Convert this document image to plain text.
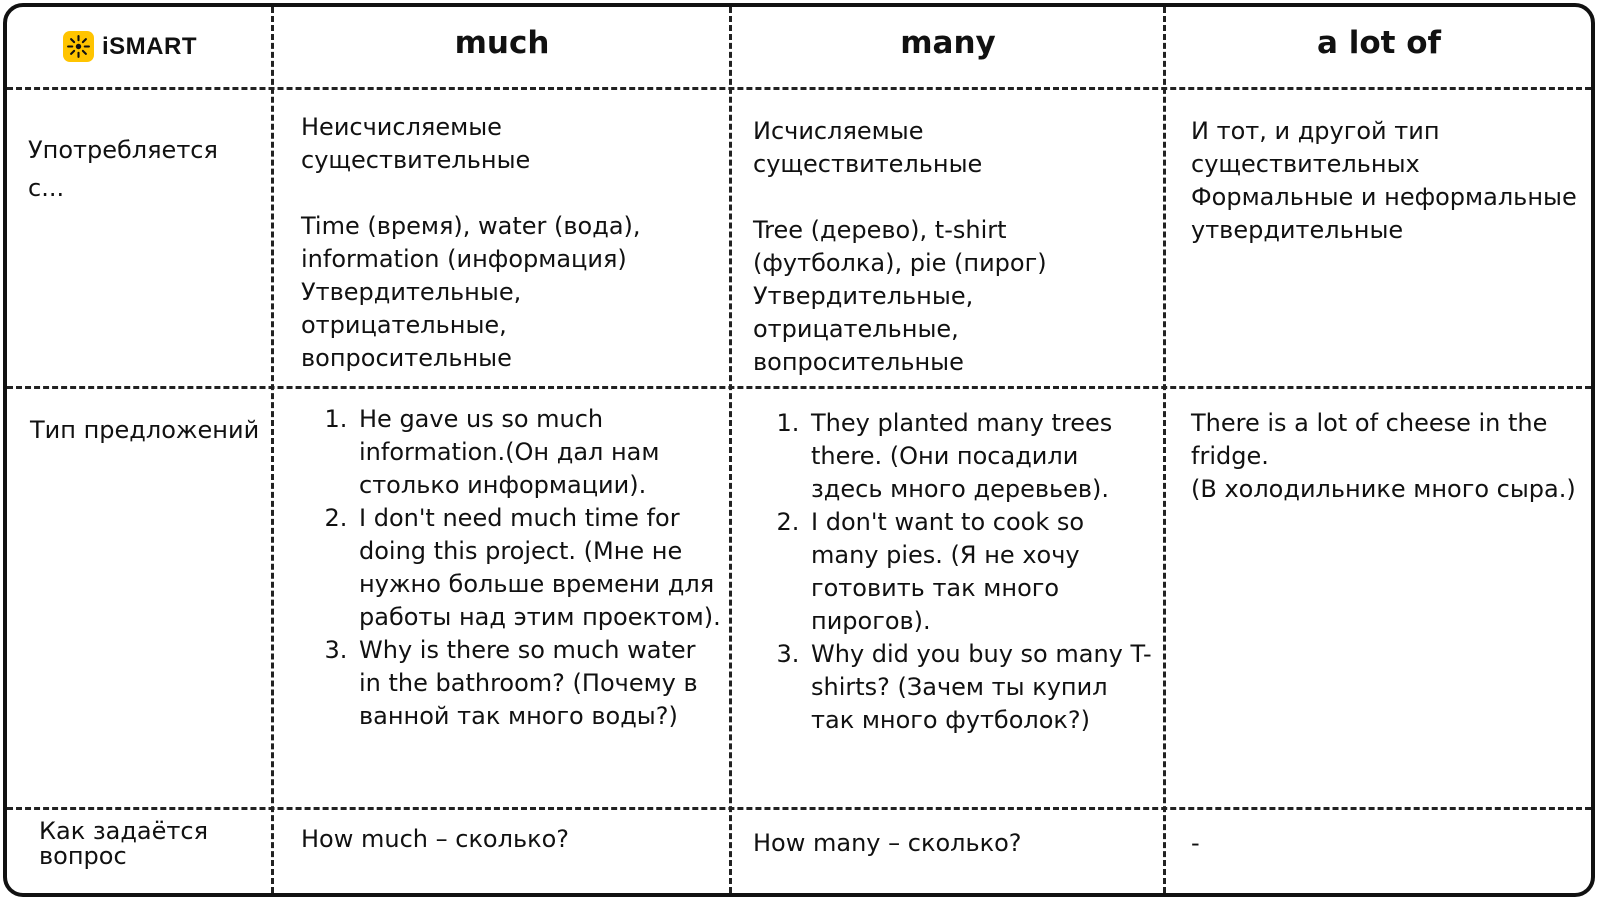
iSMART	much	many	a lot of
Употребляется с...

Неисчисляемые существительные

Time (время), water (вода), information (информация) Утвердительные, отрицательные, вопросительные

Исчисляемые существительные

Tree (дерево), t-shirt (футболка), pie (пирог) Утвердительные, отрицательные, вопросительные

И тот, и другой тип существительных Формальные и неформальные утвердительные
Тип предложений
1.	He gave us so much information.(Он дал нам столько информации).
2. I don't need much time for doing this project. (Мне не нужно больше времени для работы над этим проектом).
3. Why is there so much water in the bathroom? (Почему в ванной так много воды?)
1. They planted many trees there. (Они посадили здесь много деревьев).
2. I don't want to cook so many pies. (Я не хочу готовить так много пирогов).
3. Why did you buy so many T-shirts? (Зачем ты купил так много футболок?)
There is a lot of cheese in the fridge.
(В холодильнике много сыра.)
Как задаётся вопрос
How much – сколько?	How many – сколько?	-
